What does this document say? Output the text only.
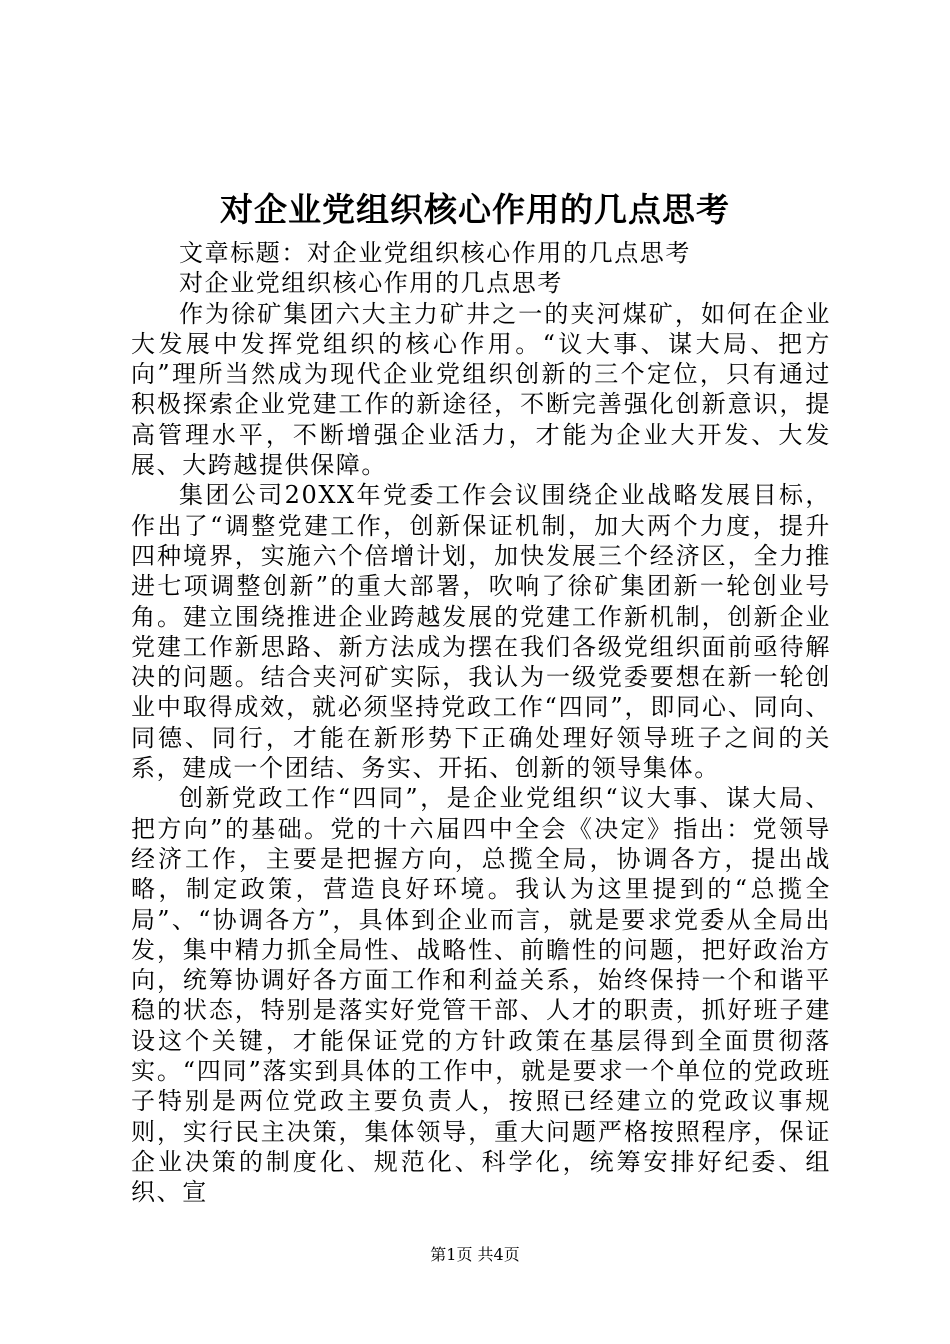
对企业党组织核心作用的几点思考

文章标题：对企业党组织核心作用的几点思考

对企业党组织核心作用的几点思考

作为徐矿集团六大主力矿井之一的夹河煤矿，如何在企业大发展中发挥党组织的核心作用。“议大事、谋大局、把方向”理所当然成为现代企业党组织创新的三个定位，只有通过积极探索企业党建工作的新途径，不断完善强化创新意识，提高管理水平，不断增强企业活力，才能为企业大开发、大发展、大跨越提供保障。

集团公司20XX年党委工作会议围绕企业战略发展目标，作出了“调整党建工作，创新保证机制，加大两个力度，提升四种境界，实施六个倍增计划，加快发展三个经济区，全力推进七项调整创新”的重大部署，吹响了徐矿集团新一轮创业号角。建立围绕推进企业跨越发展的党建工作新机制，创新企业党建工作新思路、新方法成为摆在我们各级党组织面前亟待解决的问题。结合夹河矿实际，我认为一级党委要想在新一轮创业中取得成效，就必须坚持党政工作“四同”，即同心、同向、同德、同行，才能在新形势下正确处理好领导班子之间的关系，建成一个团结、务实、开拓、创新的领导集体。

创新党政工作“四同”，是企业党组织“议大事、谋大局、把方向”的基础。党的十六届四中全会《决定》指出：党领导经济工作，主要是把握方向，总揽全局，协调各方，提出战略，制定政策，营造良好环境。我认为这里提到的“总揽全局”、“协调各方”，具体到企业而言，就是要求党委从全局出发，集中精力抓全局性、战略性、前瞻性的问题，把好政治方向，统筹协调好各方面工作和利益关系，始终保持一个和谐平稳的状态，特别是落实好党管干部、人才的职责，抓好班子建设这个关键，才能保证党的方针政策在基层得到全面贯彻落实。“四同”落实到具体的工作中，就是要求一个单位的党政班子特别是两位党政主要负责人，按照已经建立的党政议事规则，实行民主决策，集体领导，重大问题严格按照程序，保证企业决策的制度化、规范化、科学化，统筹安排好纪委、组织、宣

第1页 共4页
